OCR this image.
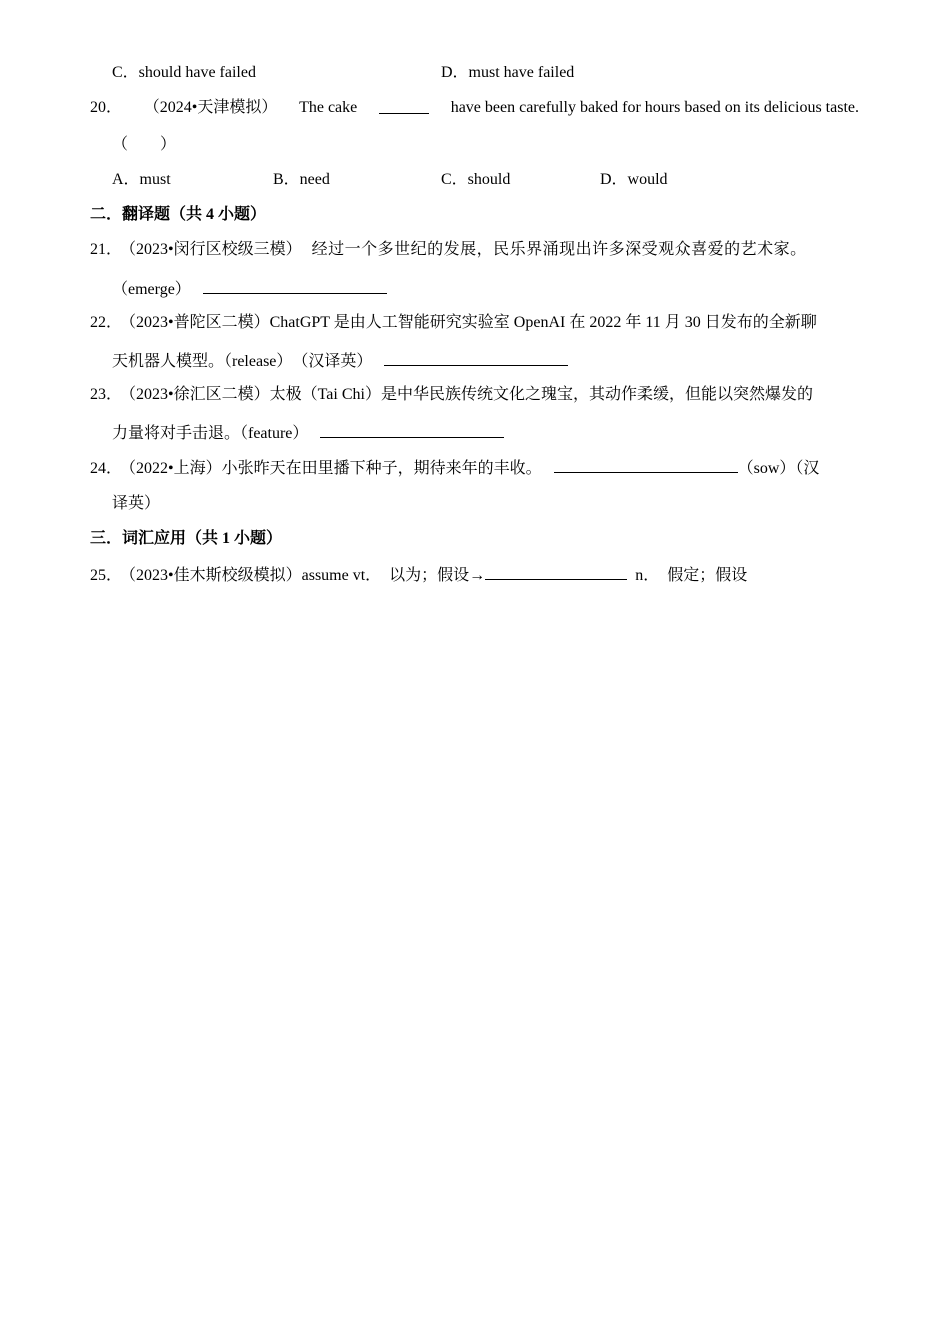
C．should have failed	D．must have failed
20． （2024•天津模拟） The cake	have been carefully baked for hours based on its delicious taste.
（　　）
A．must	B．need	C．should	D．would
二．翻译题（共 4 小题）
21． （2023•闵行区校级三模） 经过一个多世纪的发展，民乐界涌现出许多深受观众喜爱的艺术家。
（emerge）
22． （2023•普陀区二模）ChatGPT 是由人工智能研究实验室 OpenAI 在 2022 年 11 月 30 日发布的全新聊
天机器人模型。（release）　（汉译英）
23． （2023•徐汇区二模）太极（Tai Chi）是中华民族传统文化之瑰宝，其动作柔缓，但能以突然爆发的
力量将对手击退。（feature）
24． （2022•上海）小张昨天在田里播下种子，期待来年的丰收。	（sow）（汉
译英）
三．词汇应用（共 1 小题）
25． （2023•佳木斯校级模拟）assume vt．　以为；假设→	n．　假定；假设
